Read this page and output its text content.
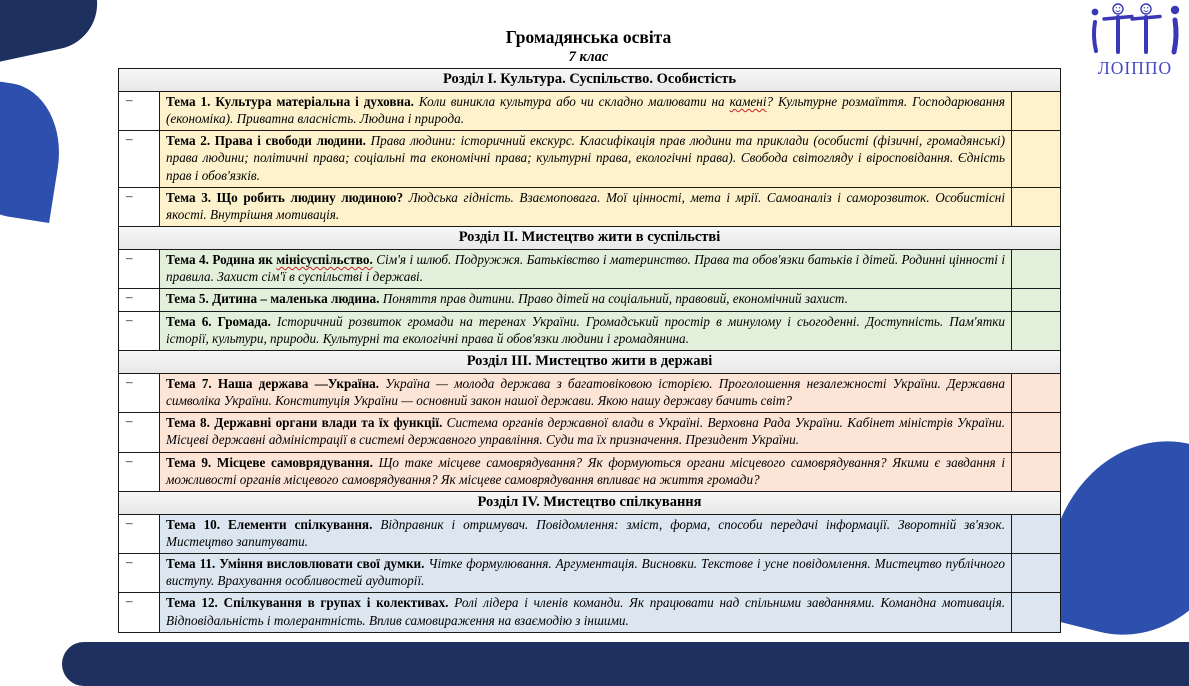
ЛОІППО
Громадянська освіта
7 клас
Розділ I. Культура. Суспільство. Особистість
–	Тема 1. Культура матеріальна і духовна. Коли виникла культура або чи складно малювати на камені? Культурне розмаїття. Господарювання (економіка). Приватна власність. Людина і природа.
–	Тема 2. Права і свободи людини. Права людини: історичний екскурс. Класифікація прав людини та приклади (особисті (фізичні, громадянські) права людини; політичні права; соціальні та економічні права; культурні права, екологічні права). Свобода світогляду і віросповідання. Єдність прав і обов'язків.
–	Тема 3. Що робить людину людиною? Людська гідність. Взаємоповага. Мої цінності, мета і мрії. Самоаналіз і саморозвиток. Особистісні якості. Внутрішня мотивація.
Розділ II. Мистецтво жити в суспільстві
–	Тема 4. Родина як мінісуспільство. Сім'я і шлюб. Подружжя. Батьківство і материнство. Права та обов'язки батьків і дітей. Родинні цінності і правила. Захист сім'ї в суспільстві і державі.
–	Тема 5. Дитина – маленька людина. Поняття прав дитини. Право дітей на соціальний, правовий, економічний захист.
–	Тема 6. Громада. Історичний розвиток громади на теренах України. Громадський простір в минулому і сьогоденні. Доступність. Пам'ятки історії, культури, природи. Культурні та екологічні права й обов'язки людини і громадянина.
Розділ III. Мистецтво жити в державі
–	Тема 7. Наша держава —Україна. Україна — молода держава з багатовіковою історією. Проголошення незалежності України. Державна символіка України. Конституція України — основний закон нашої держави. Якою нашу державу бачить світ?
–	Тема 8. Державні органи влади та їх функції. Система органів державної влади в Україні. Верховна Рада України. Кабінет міністрів України. Місцеві державні адміністрації в системі державного управління. Суди та їх призначення. Президент України.
–	Тема 9. Місцеве самоврядування. Що таке місцеве самоврядування? Як формуються органи місцевого самоврядування? Якими є завдання і можливості органів місцевого самоврядування? Як місцеве самоврядування впливає на життя громади?
Розділ IV. Мистецтво спілкування
–	Тема 10. Елементи спілкування. Відправник і отримувач. Повідомлення: зміст, форма, способи передачі інформації. Зворотній зв'язок. Мистецтво запитувати.
–	Тема 11. Уміння висловлювати свої думки. Чітке формулювання. Аргументація. Висновки. Текстове і усне повідомлення. Мистецтво публічного виступу. Врахування особливостей аудиторії.
–	Тема 12. Спілкування в групах і колективах. Ролі лідера і членів команди. Як працювати над спільними завданнями. Командна мотивація. Відповідальність і толерантність. Вплив самовираження на взаємодію з іншими.
